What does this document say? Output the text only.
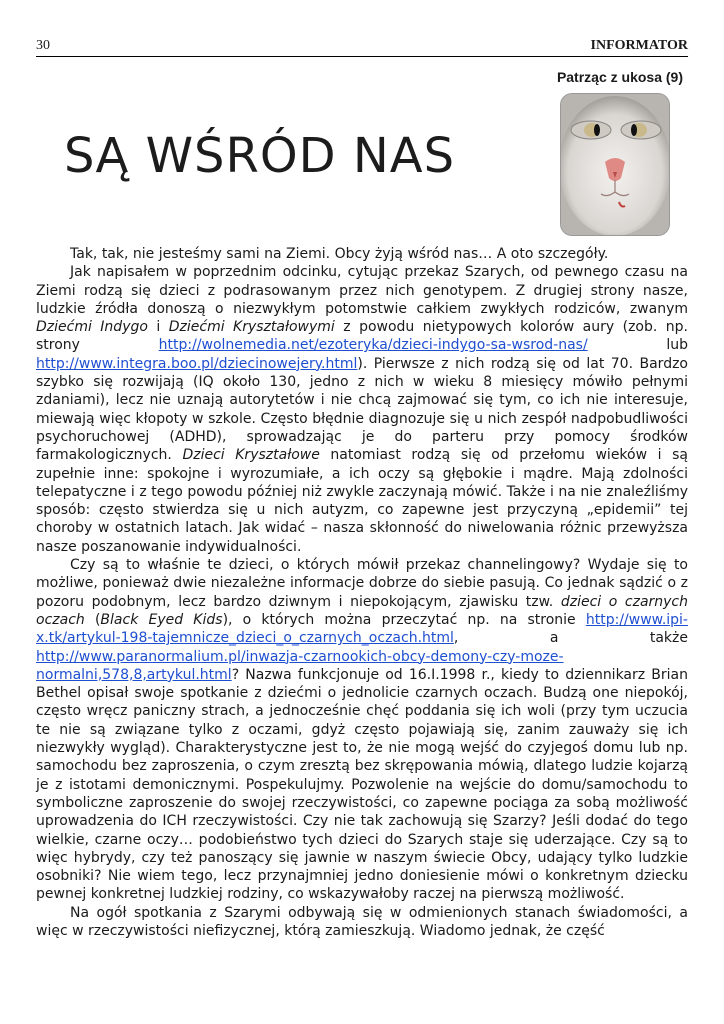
30	INFORMATOR
Patrząc z ukosa (9)
SĄ WŚRÓD NAS

Tak, tak, nie jesteśmy sami na Ziemi. Obcy żyją wśród nas… A oto szczegóły.

Jak napisałem w poprzednim odcinku, cytując przekaz Szarych, od pewnego czasu na Ziemi rodzą się dzieci z podrasowanym przez nich genotypem. Z drugiej strony nasze, ludzkie źródła donoszą o niezwykłym potomstwie całkiem zwykłych rodziców, zwanym Dziećmi Indygo i Dziećmi Kryształowymi z powodu nietypowych kolorów aury (zob. np. strony http://wolnemedia.net/ezoteryka/dzieci-indygo-sa-wsrod-nas/ lub http://www.integra.boo.pl/dziecinowejery.html). Pierwsze z nich rodzą się od lat 70. Bardzo szybko się rozwijają (IQ około 130, jedno z nich w wieku 8 miesięcy mówiło pełnymi zdaniami), lecz nie uznają autorytetów i nie chcą zajmować się tym, co ich nie interesuje, miewają więc kłopoty w szkole. Często błędnie diagnozuje się u nich zespół nadpobudliwości psychoruchowej (ADHD), sprowadzając je do parteru przy pomocy środków farmakologicznych. Dzieci Kryształowe natomiast rodzą się od przełomu wieków i są zupełnie inne: spokojne i wyrozumiałe, a ich oczy są głębokie i mądre. Mają zdolności telepatyczne i z tego powodu później niż zwykle zaczynają mówić. Także i na nie znaleźliśmy sposób: często stwierdza się u nich autyzm, co zapewne jest przyczyną „epidemii” tej choroby w ostatnich latach. Jak widać – nasza skłonność do niwelowania różnic przewyższa nasze poszanowanie indywidualności.

Czy są to właśnie te dzieci, o których mówił przekaz channelingowy? Wydaje się to możliwe, ponieważ dwie niezależne informacje dobrze do siebie pasują. Co jednak sądzić o z pozoru podobnym, lecz bardzo dziwnym i niepokojącym, zjawisku tzw. dzieci o czarnych oczach (Black Eyed Kids), o których można przeczytać np. na stronie http://www.ipi-x.tk/artykul-198-tajemnicze_dzieci_o_czarnych_oczach.html, a także http://www.paranormalium.pl/inwazja-czarnookich-obcy-demony-czy-moze-normalni,578,8,artykul.html? Nazwa funkcjonuje od 16.I.1998 r., kiedy to dziennikarz Brian Bethel opisał swoje spotkanie z dziećmi o jednolicie czarnych oczach. Budzą one niepokój, często wręcz paniczny strach, a jednocześnie chęć poddania się ich woli (przy tym uczucia te nie są związane tylko z oczami, gdyż często pojawiają się, zanim zauważy się ich niezwykły wygląd). Charakterystyczne jest to, że nie mogą wejść do czyjegoś domu lub np. samochodu bez zaproszenia, o czym zresztą bez skrępowania mówią, dlatego ludzie kojarzą je z istotami demonicznymi. Pospekulujmy. Pozwolenie na wejście do domu/samochodu to symboliczne zaproszenie do swojej rzeczywistości, co zapewne pociąga za sobą możliwość uprowadzenia do ICH rzeczywistości. Czy nie tak zachowują się Szarzy? Jeśli dodać do tego wielkie, czarne oczy… podobieństwo tych dzieci do Szarych staje się uderzające. Czy są to więc hybrydy, czy też panoszący się jawnie w naszym świecie Obcy, udający tylko ludzkie osobniki? Nie wiem tego, lecz przynajmniej jedno doniesienie mówi o konkretnym dziecku pewnej konkretnej ludzkiej rodziny, co wskazywałoby raczej na pierwszą możliwość.

Na ogół spotkania z Szarymi odbywają się w odmienionych stanach świadomości, a więc w rzeczywistości niefizycznej, którą zamieszkują. Wiadomo jednak, że część
